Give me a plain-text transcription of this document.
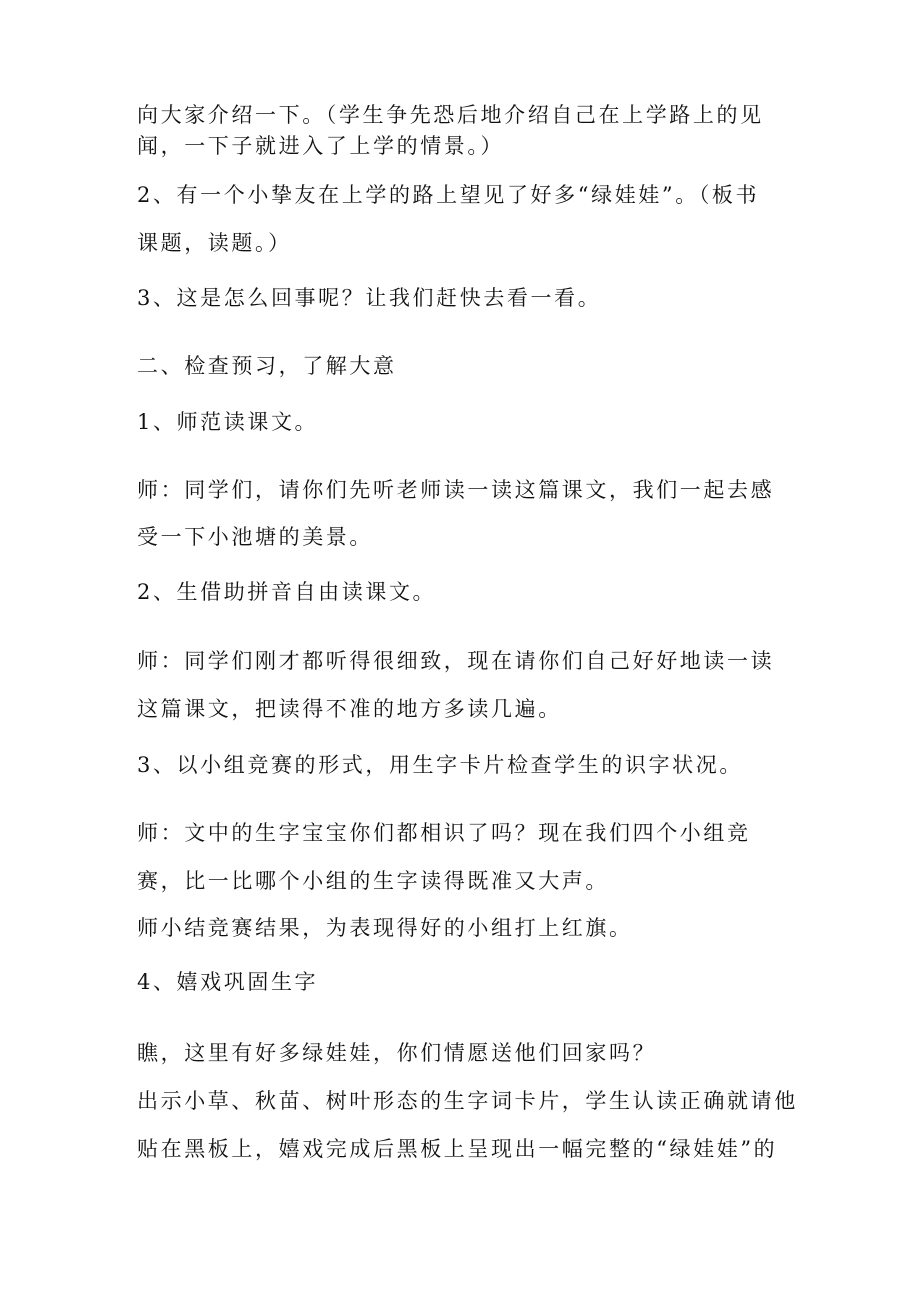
向大家介绍一下。（学生争先恐后地介绍自己在上学路上的见
闻，一下子就进入了上学的情景。）
2、有一个小挚友在上学的路上望见了好多“绿娃娃”。（板书
课题，读题。）
3、这是怎么回事呢？让我们赶快去看一看。
二、检查预习，了解大意
1、师范读课文。
师：同学们，请你们先听老师读一读这篇课文，我们一起去感
受一下小池塘的美景。
2、生借助拼音自由读课文。
师：同学们刚才都听得很细致，现在请你们自己好好地读一读
这篇课文，把读得不准的地方多读几遍。
3、以小组竞赛的形式，用生字卡片检查学生的识字状况。
师：文中的生字宝宝你们都相识了吗？现在我们四个小组竞
赛，比一比哪个小组的生字读得既准又大声。
师小结竞赛结果，为表现得好的小组打上红旗。
4、嬉戏巩固生字
瞧，这里有好多绿娃娃，你们情愿送他们回家吗？
出示小草、秋苗、树叶形态的生字词卡片，学生认读正确就请他
贴在黑板上，嬉戏完成后黑板上呈现出一幅完整的“绿娃娃”的
